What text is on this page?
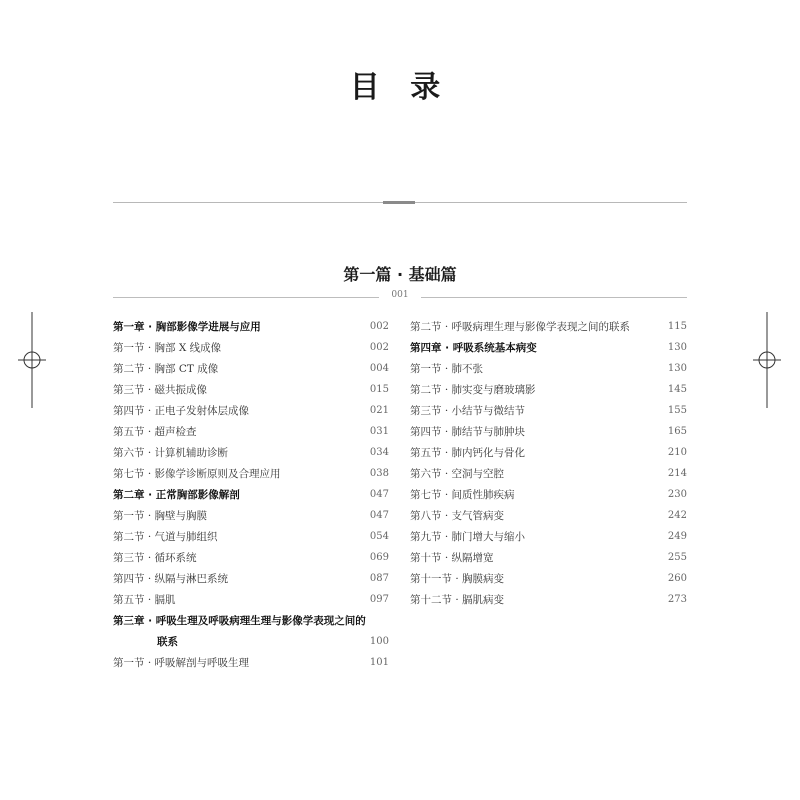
目 录
第一篇 · 基础篇
001
第一章 · 胸部影像学进展与应用	002
第一节 · 胸部 X 线成像	002
第二节 · 胸部 CT 成像	004
第三节 · 磁共振成像	015
第四节 · 正电子发射体层成像	021
第五节 · 超声检查	031
第六节 · 计算机辅助诊断	034
第七节 · 影像学诊断原则及合理应用	038
第二章 · 正常胸部影像解剖	047
第一节 · 胸壁与胸膜	047
第二节 · 气道与肺组织	054
第三节 · 循环系统	069
第四节 · 纵隔与淋巴系统	087
第五节 · 膈肌	097
第三章 · 呼吸生理及呼吸病理生理与影像学表现之间的
联系	100
第一节 · 呼吸解剖与呼吸生理	101
第二节 · 呼吸病理生理与影像学表现之间的联系	115
第四章 · 呼吸系统基本病变	130
第一节 · 肺不张	130
第二节 · 肺实变与磨玻璃影	145
第三节 · 小结节与微结节	155
第四节 · 肺结节与肺肿块	165
第五节 · 肺内钙化与骨化	210
第六节 · 空洞与空腔	214
第七节 · 间质性肺疾病	230
第八节 · 支气管病变	242
第九节 · 肺门增大与缩小	249
第十节 · 纵隔增宽	255
第十一节 · 胸膜病变	260
第十二节 · 膈肌病变	273
